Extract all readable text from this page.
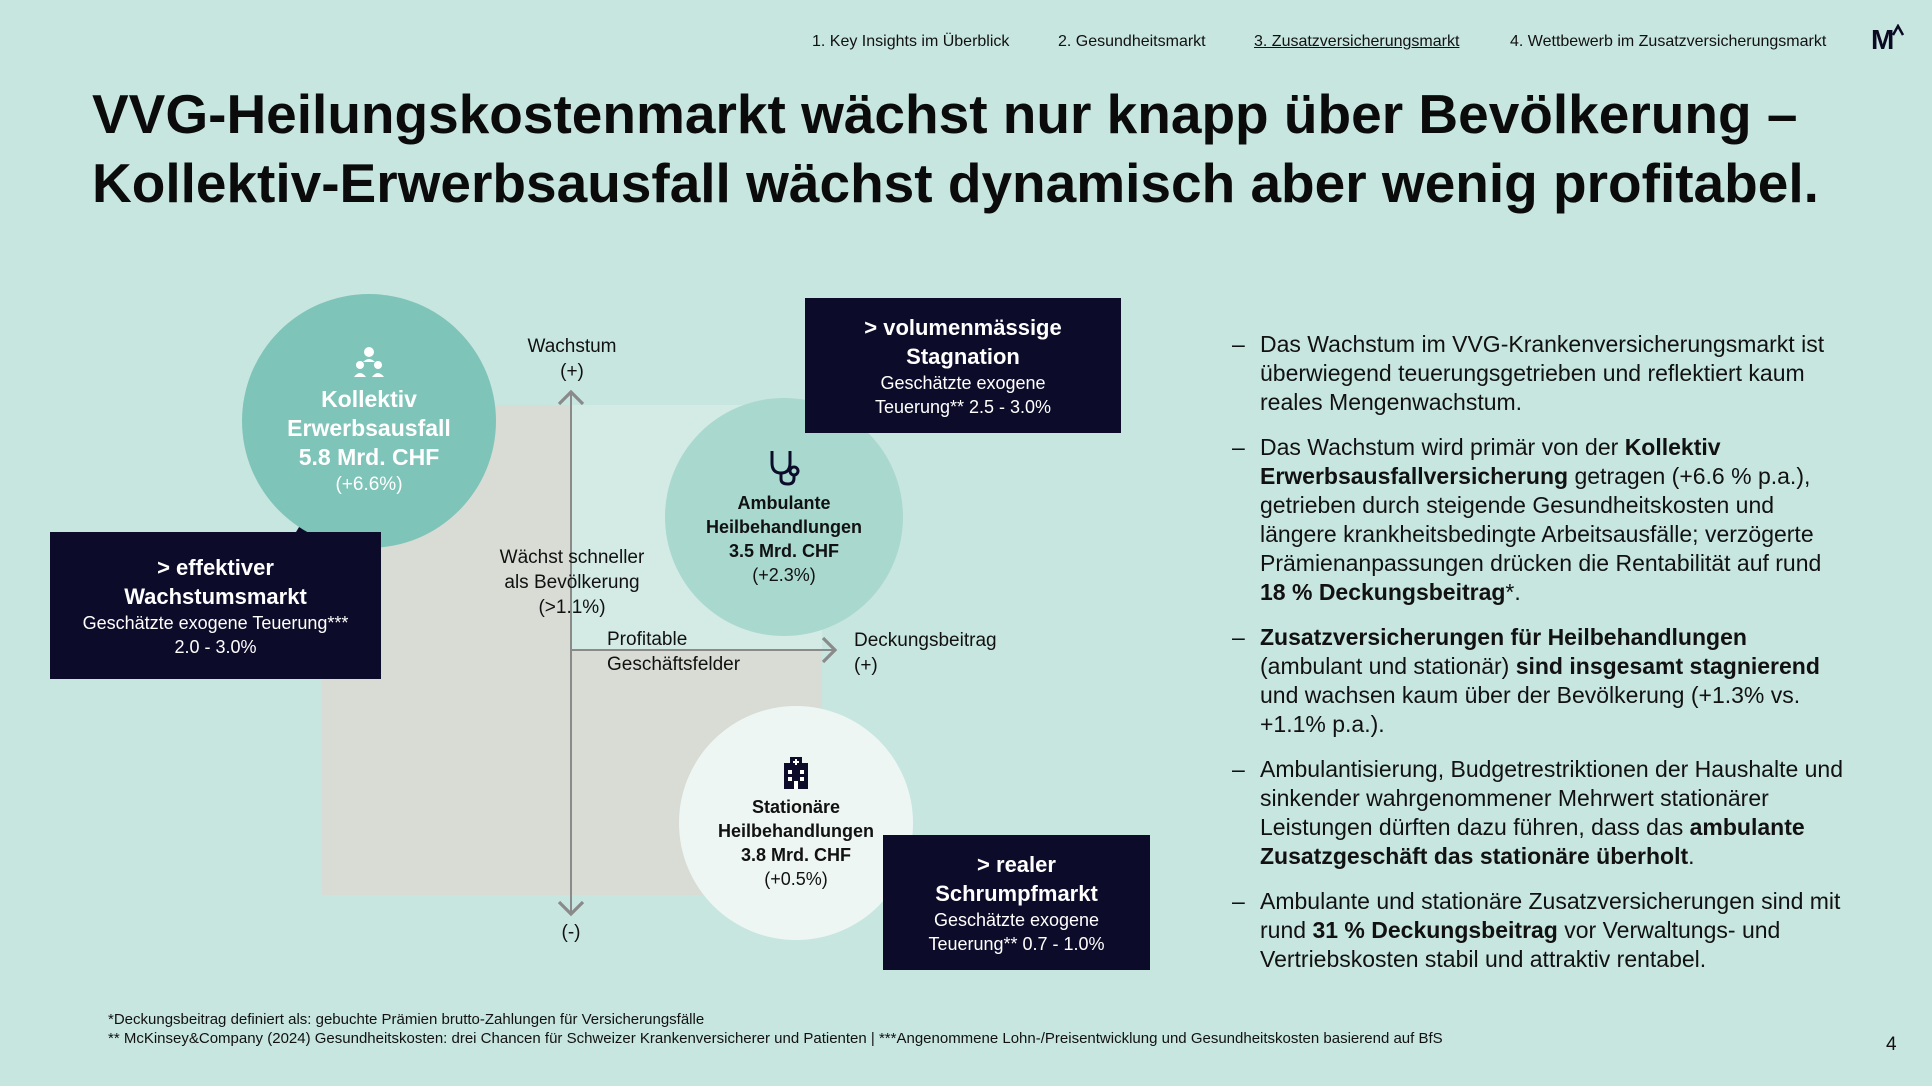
1. Key Insights im Überblick	2. Gesundheitsmarkt	3. Zusatzversicherungsmarkt	4. Wettbewerb im Zusatzversicherungsmarkt M
VVG-Heilungskostenmarkt wächst nur knapp über Bevölkerung –
Kollektiv-Erwerbsausfall wächst dynamisch aber wenig profitabel.
Wachstum
(+)
(-)
Deckungsbeitrag
(+)
Wächst schneller
als Bevölkerung
(>1.1%)
Profitable
Geschäftsfelder
Kollektiv
Erwerbsausfall
5.8 Mrd. CHF
(+6.6%)
Ambulante
Heilbehandlungen
3.5 Mrd. CHF
(+2.3%)
Stationäre
Heilbehandlungen
3.8 Mrd. CHF
(+0.5%)
> effektiver
Wachstumsmarkt
Geschätzte exogene Teuerung***
2.0 - 3.0%
> volumenmässige
Stagnation
Geschätzte exogene
Teuerung** 2.5 - 3.0%
> realer
Schrumpfmarkt
Geschätzte exogene
Teuerung** 0.7 - 1.0%
– Das Wachstum im VVG-Krankenversicherungsmarkt ist überwiegend teuerungsgetrieben und reflektiert kaum reales Mengenwachstum.
– Das Wachstum wird primär von der Kollektiv Erwerbsausfallversicherung getragen (+6.6 % p.a.), getrieben durch steigende Gesundheitskosten und längere krankheitsbedingte Arbeitsausfälle; verzögerte Prämienanpassungen drücken die Rentabilität auf rund 18 % Deckungsbeitrag*.
– Zusatzversicherungen für Heilbehandlungen (ambulant und stationär) sind insgesamt stagnierend und wachsen kaum über der Bevölkerung (+1.3% vs. +1.1% p.a.).
– Ambulantisierung, Budgetrestriktionen der Haushalte und sinkender wahrgenommener Mehrwert stationärer Leistungen dürften dazu führen, dass das ambulante Zusatzgeschäft das stationäre überholt.
– Ambulante und stationäre Zusatzversicherungen sind mit rund 31 % Deckungsbeitrag vor Verwaltungs- und Vertriebskosten stabil und attraktiv rentabel.
*Deckungsbeitrag definiert als: gebuchte Prämien brutto-Zahlungen für Versicherungsfälle
** McKinsey&Company (2024) Gesundheitskosten: drei Chancen für Schweizer Krankenversicherer und Patienten | ***Angenommene Lohn-/Preisentwicklung und Gesundheitskosten basierend auf BfS	4
